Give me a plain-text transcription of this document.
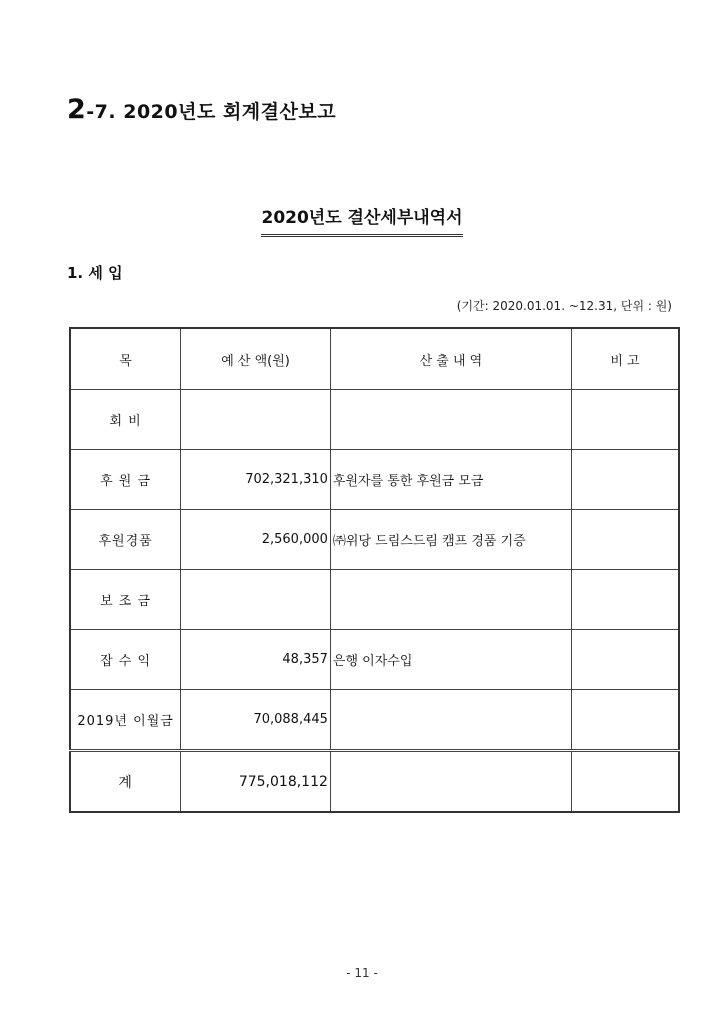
2-7. 2020년도 회계결산보고
2020년도 결산세부내역서
1. 세 입
(기간: 2020.01.01. ~12.31, 단위 : 원)
목	예 산 액(원)	산 출 내 역	비 고
회 비			
후 원 금	702,321,310	후원자를 통한 후원금 모금	
후원경품	2,560,000	㈜위당 드림스드림 캠프 경품 기증	
보 조 금			
잡 수 익	48,357	은행 이자수입	
2019년 이월금	70,088,445		
계	775,018,112		
- 11 -
